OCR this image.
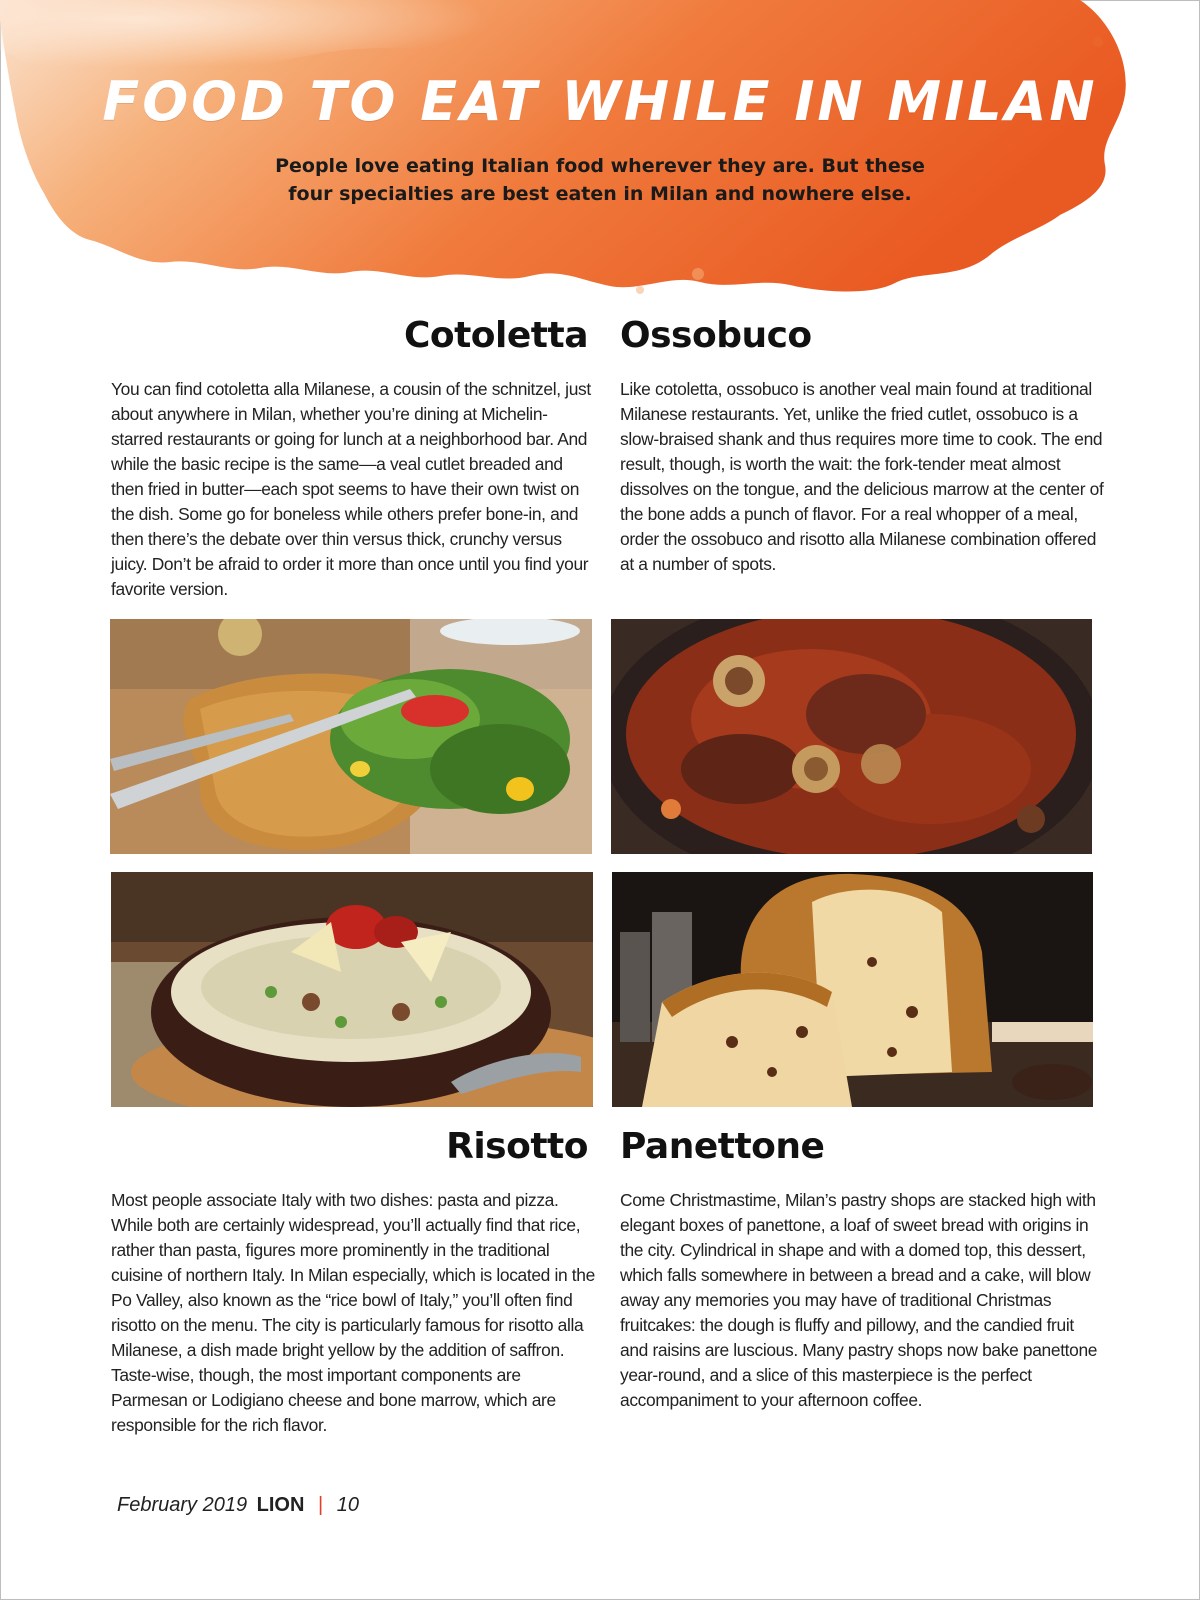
FOOD TO EAT WHILE IN MILAN

People love eating Italian food wherever they are. But these
four specialties are best eaten in Milan and nowhere else.

Cotoletta

You can find cotoletta alla Milanese, a cousin of the schnitzel, just about anywhere in Milan, whether you’re dining at Michelin-starred restaurants or going for lunch at a neighborhood bar. And while the basic recipe is the same—a veal cutlet breaded and then fried in butter—each spot seems to have their own twist on the dish. Some go for boneless while others prefer bone-in, and then there’s the debate over thin versus thick, crunchy versus juicy. Don’t be afraid to order it more than once until you find your favorite version.

Ossobuco

Like cotoletta, ossobuco is another veal main found at traditional Milanese restaurants. Yet, unlike the fried cutlet, ossobuco is a slow-braised shank and thus requires more time to cook. The end result, though, is worth the wait: the fork-tender meat almost dissolves on the tongue, and the delicious marrow at the center of the bone adds a punch of flavor. For a real whopper of a meal, order the ossobuco and risotto alla Milanese combination offered at a number of spots.

Risotto

Most people associate Italy with two dishes: pasta and pizza. While both are certainly widespread, you’ll actually find that rice, rather than pasta, figures more prominently in the traditional cuisine of northern Italy. In Milan especially, which is located in the Po Valley, also known as the “rice bowl of Italy,” you’ll often find risotto on the menu. The city is particularly famous for risotto alla Milanese, a dish made bright yellow by the addition of saffron. Taste-wise, though, the most important components are Parmesan or Lodigiano cheese and bone marrow, which are responsible for the rich flavor.

Panettone

Come Christmastime, Milan’s pastry shops are stacked high with elegant boxes of panettone, a loaf of sweet bread with origins in the city. Cylindrical in shape and with a domed top, this dessert, which falls somewhere in between a bread and a cake, will blow away any memories you may have of traditional Christmas fruitcakes: the dough is fluffy and pillowy, and the candied fruit and raisins are luscious. Many pastry shops now bake panettone year-round, and a slice of this masterpiece is the perfect accompaniment to your afternoon coffee.

February 2019 LION | 10
